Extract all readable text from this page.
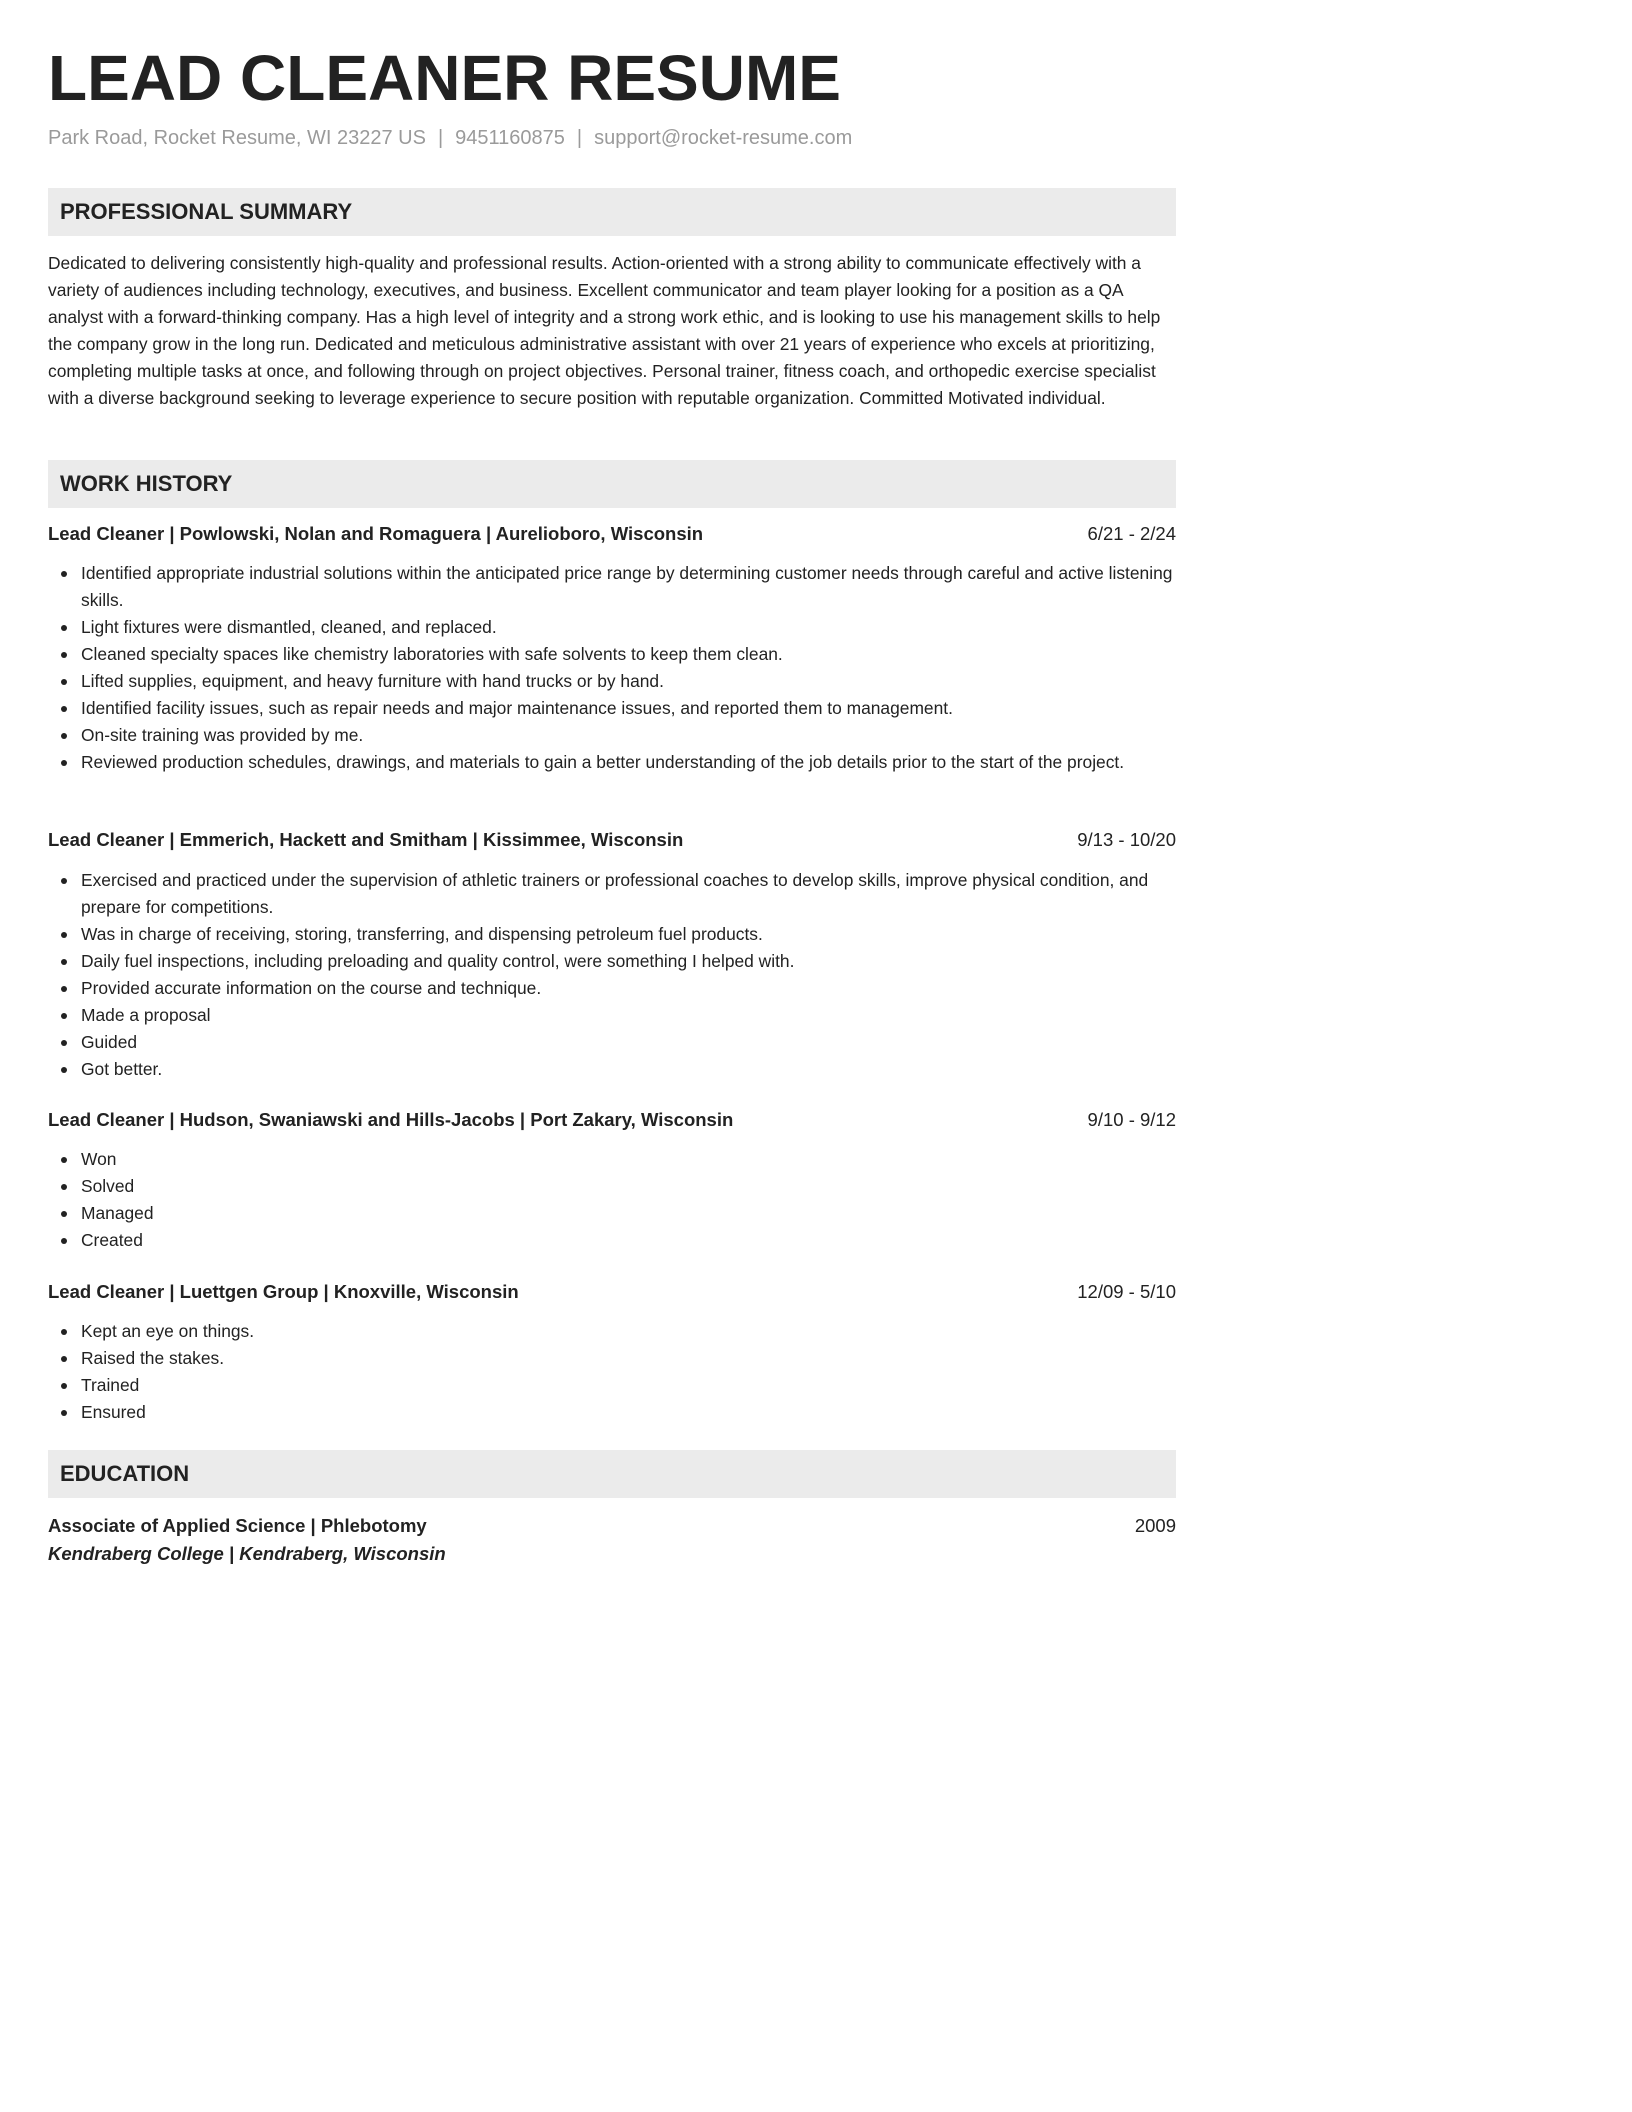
LEAD CLEANER RESUME
Park Road, Rocket Resume, WI 23227 US | 9451160875 | support@rocket-resume.com
PROFESSIONAL SUMMARY

Dedicated to delivering consistently high-quality and professional results. Action-oriented with a strong ability to communicate effectively with a variety of audiences including technology, executives, and business. Excellent communicator and team player looking for a position as a QA analyst with a forward-thinking company. Has a high level of integrity and a strong work ethic, and is looking to use his management skills to help the company grow in the long run. Dedicated and meticulous administrative assistant with over 21 years of experience who excels at prioritizing, completing multiple tasks at once, and following through on project objectives. Personal trainer, fitness coach, and orthopedic exercise specialist with a diverse background seeking to leverage experience to secure position with reputable organization. Committed Motivated individual.

WORK HISTORY
Lead Cleaner | Powlowski, Nolan and Romaguera | Aurelioboro, Wisconsin	6/21 - 2/24
Identified appropriate industrial solutions within the anticipated price range by determining customer needs through careful and active listening skills.
Light fixtures were dismantled, cleaned, and replaced.
Cleaned specialty spaces like chemistry laboratories with safe solvents to keep them clean.
Lifted supplies, equipment, and heavy furniture with hand trucks or by hand.
Identified facility issues, such as repair needs and major maintenance issues, and reported them to management.
On-site training was provided by me.
Reviewed production schedules, drawings, and materials to gain a better understanding of the job details prior to the start of the project.
Lead Cleaner | Emmerich, Hackett and Smitham | Kissimmee, Wisconsin	9/13 - 10/20
Exercised and practiced under the supervision of athletic trainers or professional coaches to develop skills, improve physical condition, and prepare for competitions.
Was in charge of receiving, storing, transferring, and dispensing petroleum fuel products.
Daily fuel inspections, including preloading and quality control, were something I helped with.
Provided accurate information on the course and technique.
Made a proposal
Guided
Got better.
Lead Cleaner | Hudson, Swaniawski and Hills-Jacobs | Port Zakary, Wisconsin	9/10 - 9/12
Won
Solved
Managed
Created
Lead Cleaner | Luettgen Group | Knoxville, Wisconsin	12/09 - 5/10
Kept an eye on things.
Raised the stakes.
Trained
Ensured
EDUCATION
Associate of Applied Science | Phlebotomy	2009
Kendraberg College | Kendraberg, Wisconsin
